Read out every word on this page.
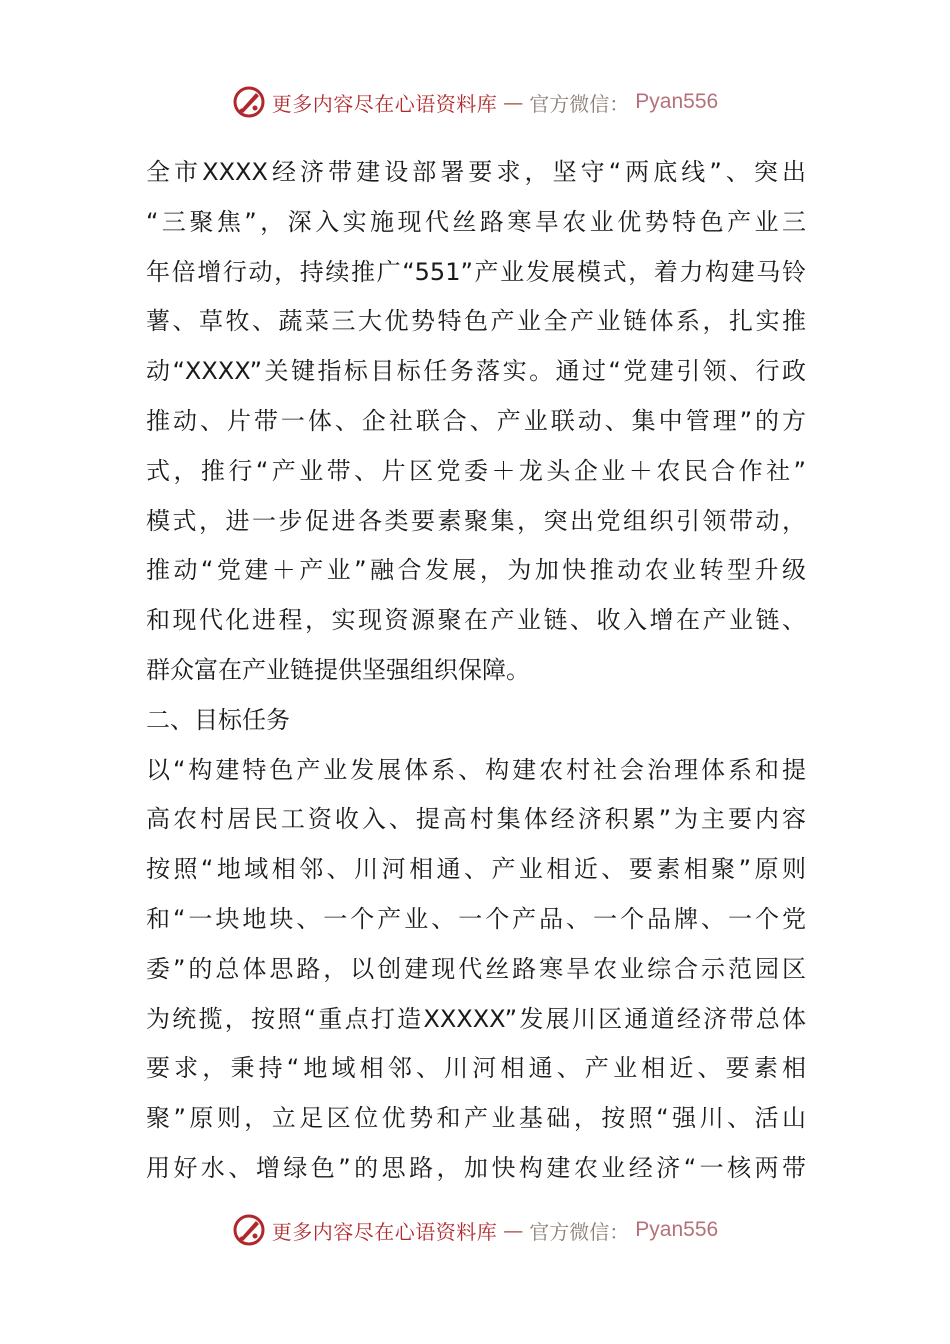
更多内容尽在心语资料库 — 官方微信： Pyan556
全市XXXX经济带建设部署要求，坚守“两底线”、突出
“三聚焦”，深入实施现代丝路寒旱农业优势特色产业三
年倍增行动，持续推广“551”产业发展模式，着力构建马铃
薯、草牧、蔬菜三大优势特色产业全产业链体系，扎实推
动“XXXX”关键指标目标任务落实。通过“党建引领、行政
推动、片带一体、企社联合、产业联动、集中管理”的方
式，推行“产业带、片区党委＋龙头企业＋农民合作社”
模式，进一步促进各类要素聚集，突出党组织引领带动，
推动“党建＋产业”融合发展，为加快推动农业转型升级
和现代化进程，实现资源聚在产业链、收入增在产业链、
群众富在产业链提供坚强组织保障。
二、目标任务
以“构建特色产业发展体系、构建农村社会治理体系和提
高农村居民工资收入、提高村集体经济积累”为主要内容
按照“地域相邻、川河相通、产业相近、要素相聚”原则
和“一块地块、一个产业、一个产品、一个品牌、一个党
委”的总体思路，以创建现代丝路寒旱农业综合示范园区
为统揽，按照“重点打造XXXXX”发展川区通道经济带总体
要求，秉持“地域相邻、川河相通、产业相近、要素相
聚”原则，立足区位优势和产业基础，按照“强川、活山
用好水、增绿色”的思路，加快构建农业经济“一核两带
更多内容尽在心语资料库 — 官方微信： Pyan556
